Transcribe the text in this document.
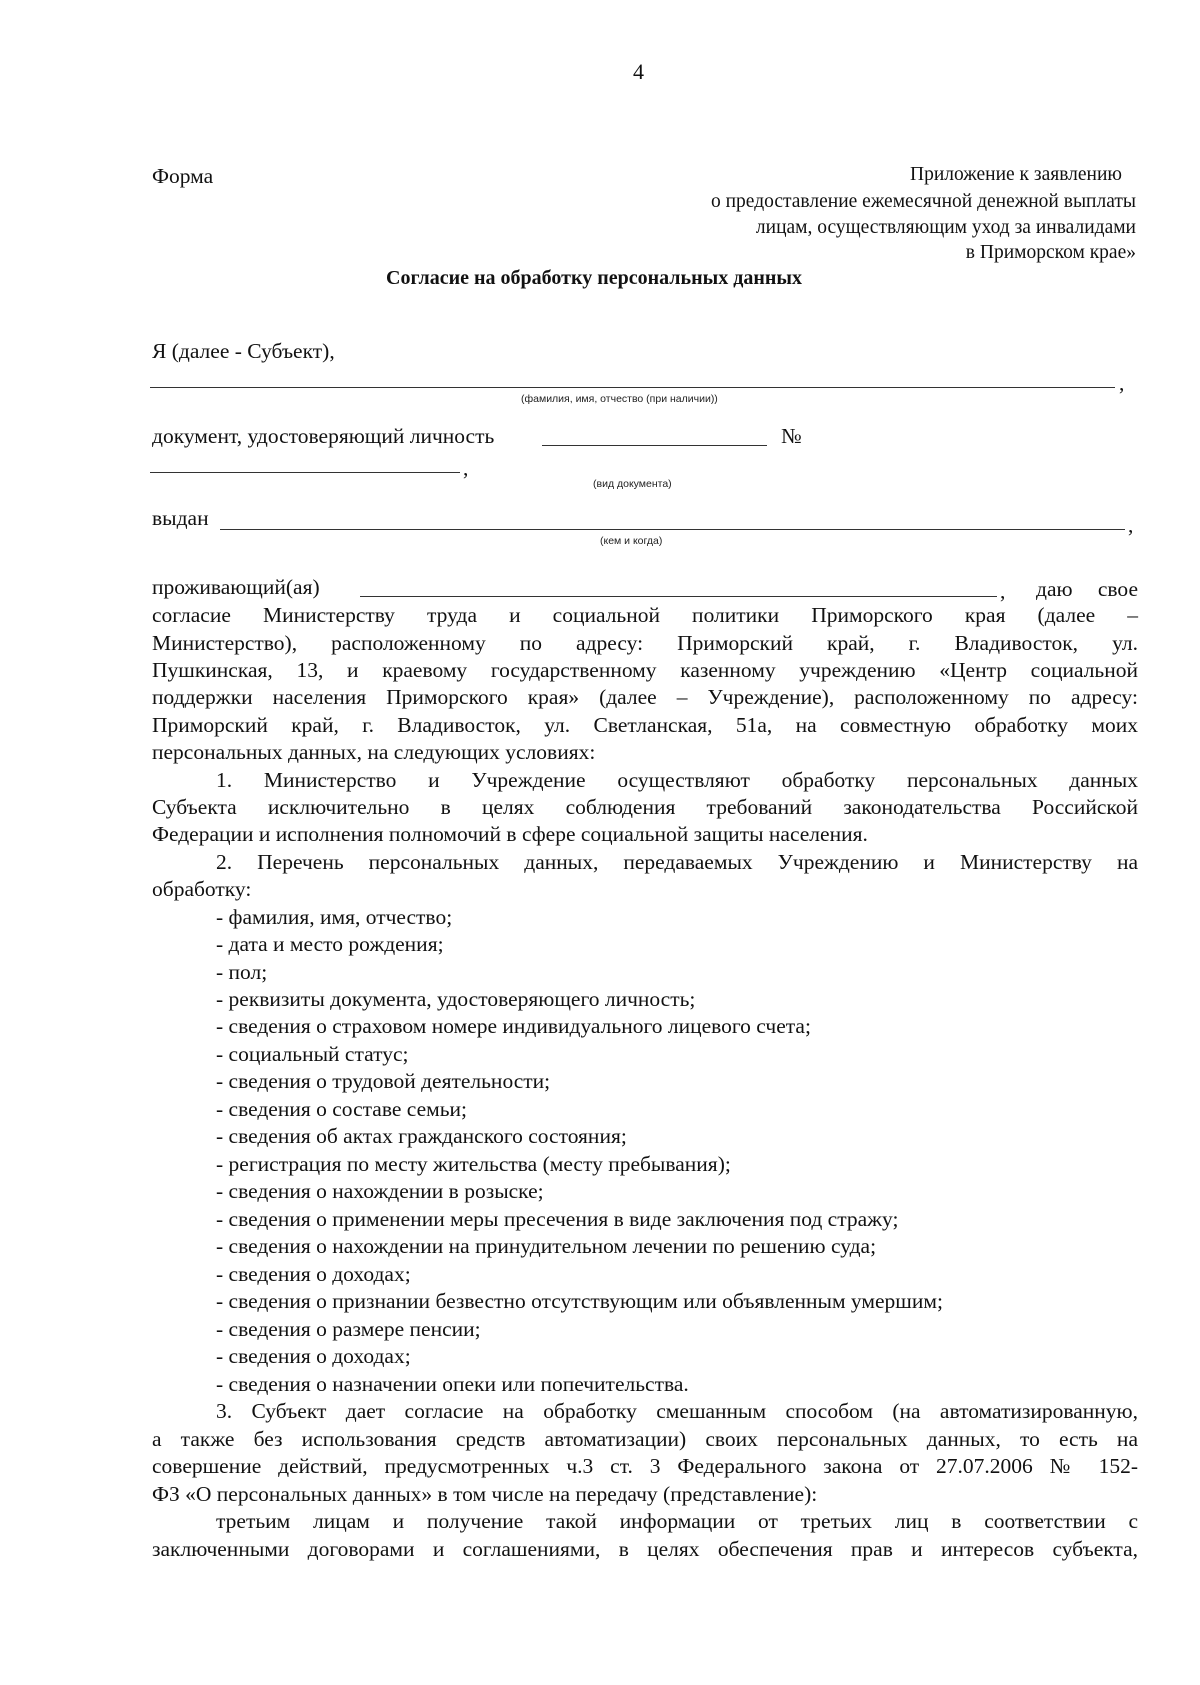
4
Форма	Приложение к заявлению
о предоставление ежемесячной денежной выплаты
лицам, осуществляющим уход за инвалидами
в Приморском крае»
Согласие на обработку персональных данных
Я (далее - Субъект),
,
(фамилия, имя, отчество (при наличии))
документ, удостоверяющий личность	№
,
(вид документа)
выдан	,
(кем и когда)
проживающий(ая)	, даю свое
согласие Министерству труда и социальной политики Приморского края (далее –
Министерство), расположенному по адресу: Приморский край, г. Владивосток, ул.
Пушкинская, 13, и краевому государственному казенному учреждению «Центр социальной
поддержки населения Приморского края» (далее – Учреждение), расположенному по адресу:
Приморский край, г. Владивосток, ул. Светланская, 51а, на совместную обработку моих
персональных данных, на следующих условиях:
1. Министерство и Учреждение осуществляют обработку персональных данных
Субъекта исключительно в целях соблюдения требований законодательства Российской
Федерации и исполнения полномочий в сфере социальной защиты населения.
2. Перечень персональных данных, передаваемых Учреждению и Министерству на
обработку:
- фамилия, имя, отчество;
- дата и место рождения;
- пол;
- реквизиты документа, удостоверяющего личность;
- сведения о страховом номере индивидуального лицевого счета;
- социальный статус;
- сведения о трудовой деятельности;
- сведения о составе семьи;
- сведения об актах гражданского состояния;
- регистрация по месту жительства (месту пребывания);
- сведения о нахождении в розыске;
- сведения о применении меры пресечения в виде заключения под стражу;
- сведения о нахождении на принудительном лечении по решению суда;
- сведения о доходах;
- сведения о признании безвестно отсутствующим или объявленным умершим;
- сведения о размере пенсии;
- сведения о доходах;
- сведения о назначении опеки или попечительства.
3. Субъект дает согласие на обработку смешанным способом (на автоматизированную,
а также без использования средств автоматизации) своих персональных данных, то есть на
совершение действий, предусмотренных ч.3 ст. 3 Федерального закона от 27.07.2006 № 152-
ФЗ «О персональных данных» в том числе на передачу (представление):
третьим лицам и получение такой информации от третьих лиц в соответствии с
заключенными договорами и соглашениями, в целях обеспечения прав и интересов субъекта,
